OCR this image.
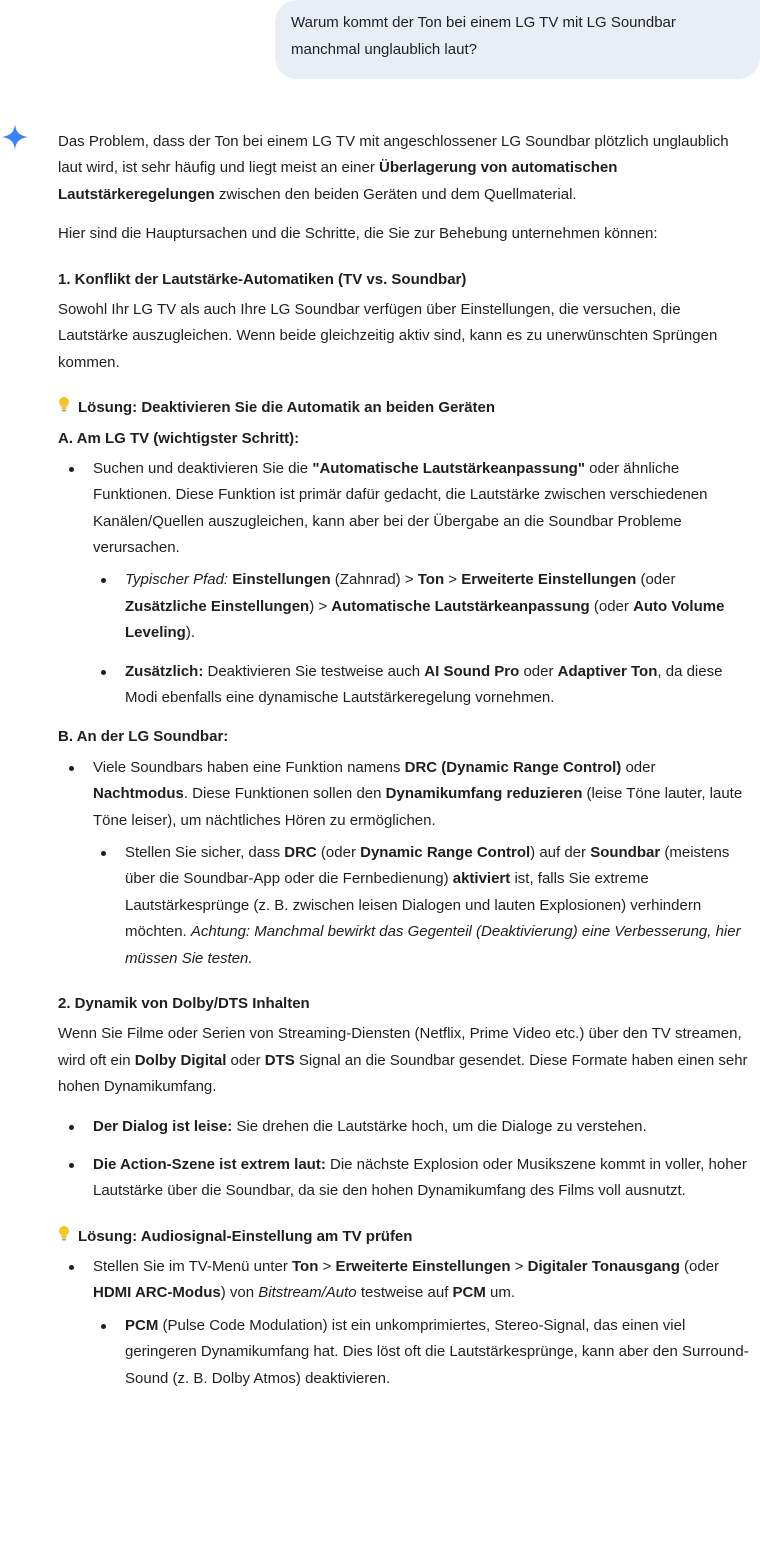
Warum kommt der Ton bei einem LG TV mit LG Soundbar manchmal unglaublich laut?

Das Problem, dass der Ton bei einem LG TV mit angeschlossener LG Soundbar plötzlich unglaublich laut wird, ist sehr häufig und liegt meist an einer Überlagerung von automatischen Lautstärkeregelungen zwischen den beiden Geräten und dem Quellmaterial.

Hier sind die Hauptursachen und die Schritte, die Sie zur Behebung unternehmen können:

1. Konflikt der Lautstärke-Automatiken (TV vs. Soundbar)

Sowohl Ihr LG TV als auch Ihre LG Soundbar verfügen über Einstellungen, die versuchen, die Lautstärke auszugleichen. Wenn beide gleichzeitig aktiv sind, kann es zu unerwünschten Sprüngen kommen.

Lösung: Deaktivieren Sie die Automatik an beiden Geräten
A. Am LG TV (wichtigster Schritt):
Suchen und deaktivieren Sie die "Automatische Lautstärkeanpassung" oder ähnliche Funktionen. Diese Funktion ist primär dafür gedacht, die Lautstärke zwischen verschiedenen Kanälen/Quellen auszugleichen, kann aber bei der Übergabe an die Soundbar Probleme verursachen.
Typischer Pfad: Einstellungen (Zahnrad) > Ton > Erweiterte Einstellungen (oder Zusätzliche Einstellungen) > Automatische Lautstärkeanpassung (oder Auto Volume Leveling).
Zusätzlich: Deaktivieren Sie testweise auch AI Sound Pro oder Adaptiver Ton, da diese Modi ebenfalls eine dynamische Lautstärkeregelung vornehmen.
B. An der LG Soundbar:
Viele Soundbars haben eine Funktion namens DRC (Dynamic Range Control) oder Nachtmodus. Diese Funktionen sollen den Dynamikumfang reduzieren (leise Töne lauter, laute Töne leiser), um nächtliches Hören zu ermöglichen.
Stellen Sie sicher, dass DRC (oder Dynamic Range Control) auf der Soundbar (meistens über die Soundbar-App oder die Fernbedienung) aktiviert ist, falls Sie extreme Lautstärkesprünge (z. B. zwischen leisen Dialogen und lauten Explosionen) verhindern möchten. Achtung: Manchmal bewirkt das Gegenteil (Deaktivierung) eine Verbesserung, hier müssen Sie testen.
2. Dynamik von Dolby/DTS Inhalten

Wenn Sie Filme oder Serien von Streaming-Diensten (Netflix, Prime Video etc.) über den TV streamen, wird oft ein Dolby Digital oder DTS Signal an die Soundbar gesendet. Diese Formate haben einen sehr hohen Dynamikumfang.

Der Dialog ist leise: Sie drehen die Lautstärke hoch, um die Dialoge zu verstehen.
Die Action-Szene ist extrem laut: Die nächste Explosion oder Musikszene kommt in voller, hoher Lautstärke über die Soundbar, da sie den hohen Dynamikumfang des Films voll ausnutzt.
Lösung: Audiosignal-Einstellung am TV prüfen
Stellen Sie im TV-Menü unter Ton > Erweiterte Einstellungen > Digitaler Tonausgang (oder HDMI ARC-Modus) von Bitstream/Auto testweise auf PCM um.
PCM (Pulse Code Modulation) ist ein unkomprimiertes, Stereo-Signal, das einen viel geringeren Dynamikumfang hat. Dies löst oft die Lautstärkesprünge, kann aber den Surround-Sound (z. B. Dolby Atmos) deaktivieren.
